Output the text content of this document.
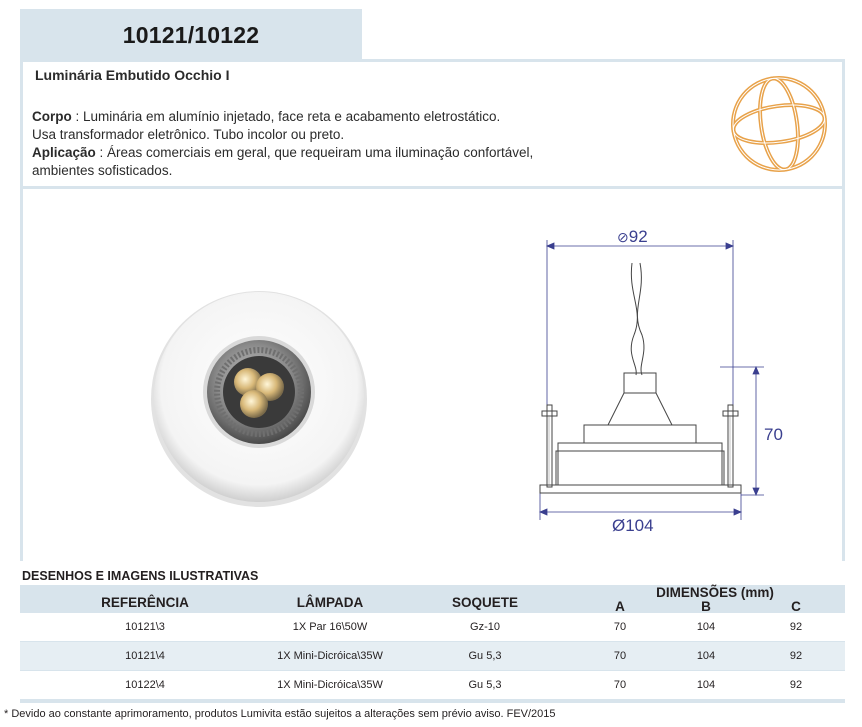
10121/10122
Luminária Embutido Occhio I
Corpo : Luminária em alumínio injetado, face reta e acabamento eletrostático.
Usa transformador eletrônico. Tubo incolor ou preto.
Aplicação : Áreas comerciais em geral, que requeiram uma iluminação confortável,
ambientes sofisticados.
⊘92
70
Ø104
DESENHOS E IMAGENS ILUSTRATIVAS
REFERÊNCIA	LÂMPADA	SOQUETE
DIMENSÕES (mm)
A	B	C
10121\3	1X Par 16\50W	Gz-10	70	104	92
10121\4	1X Mini-Dicróica\35W	Gu 5,3	70	104	92
10122\4	1X Mini-Dicróica\35W	Gu 5,3	70	104	92
* Devido ao constante aprimoramento, produtos Lumivita estão sujeitos a alterações sem prévio aviso. FEV/2015
